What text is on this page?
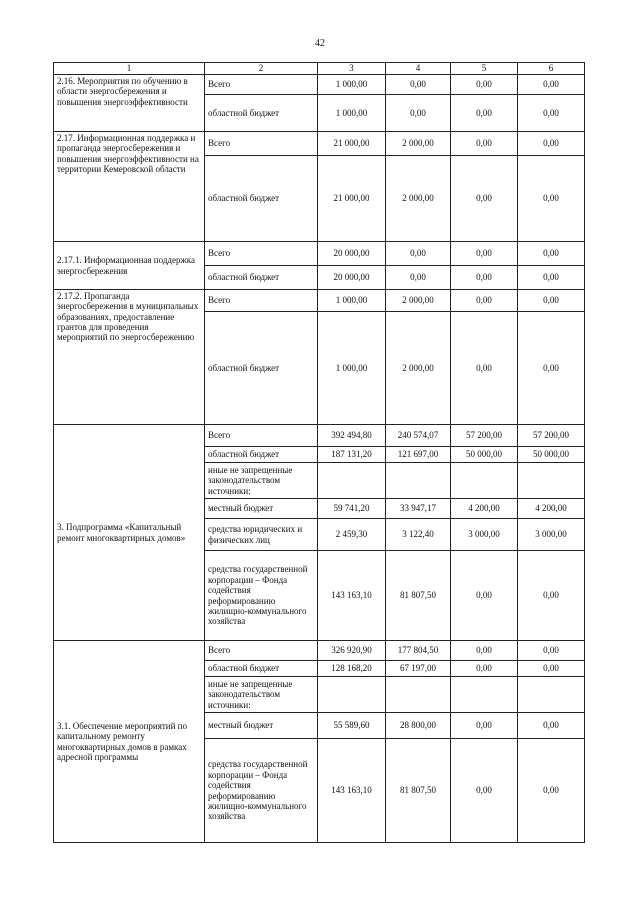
42
1	2	3	4	5	6
2.16. Мероприятия по обучению в области энергосбережения и повышения энергоэффективности	Всего	1 000,00	0,00	0,00	0,00
	областной бюджет	1 000,00	0,00	0,00	0,00
2.17. Информационная поддержка и пропаганда энергосбережения и повышения энергоэффективности на территории Кемеровской области	Всего	21 000,00	2 000,00	0,00	0,00
	областной бюджет	21 000,00	2 000,00	0,00	0,00
2.17.1. Информационная поддержка энергосбережения	Всего	20 000,00	0,00	0,00	0,00
	областной бюджет	20 000,00	0,00	0,00	0,00
2.17.2. Пропаганда энергосбережения в муниципальных образованиях, предоставление грантов для проведения мероприятий по энергосбережению	Всего	1 000,00	2 000,00	0,00	0,00
	областной бюджет	1 000,00	2 000,00	0,00	0,00
3. Подпрограмма «Капитальный ремонт многоквартирных домов»	Всего	392 494,80	240 574,07	57 200,00	57 200,00
	областной бюджет	187 131,20	121 697,00	50 000,00	50 000,00
	иные не запрещенные законодательством источники:				
	местный бюджет	59 741,20	33 947,17	4 200,00	4 200,00
	средства юридических и физических лиц	2 459,30	3 122,40	3 000,00	3 000,00
	средства государственной корпорации – Фонда содействия реформированию жилищно-коммунального хозяйства	143 163,10	81 807,50	0,00	0,00
3.1. Обеспечение мероприятий по капитальному ремонту многоквартирных домов в рамках адресной программы	Всего	326 920,90	177 804,50	0,00	0,00
	областной бюджет	128 168,20	67 197,00	0,00	0,00
	иные не запрещенные законодательством источники:				
	местный бюджет	55 589,60	28 800,00	0,00	0,00
	средства государственной корпорации – Фонда содействия реформированию жилищно-коммунального хозяйства	143 163,10	81 807,50	0,00	0,00
